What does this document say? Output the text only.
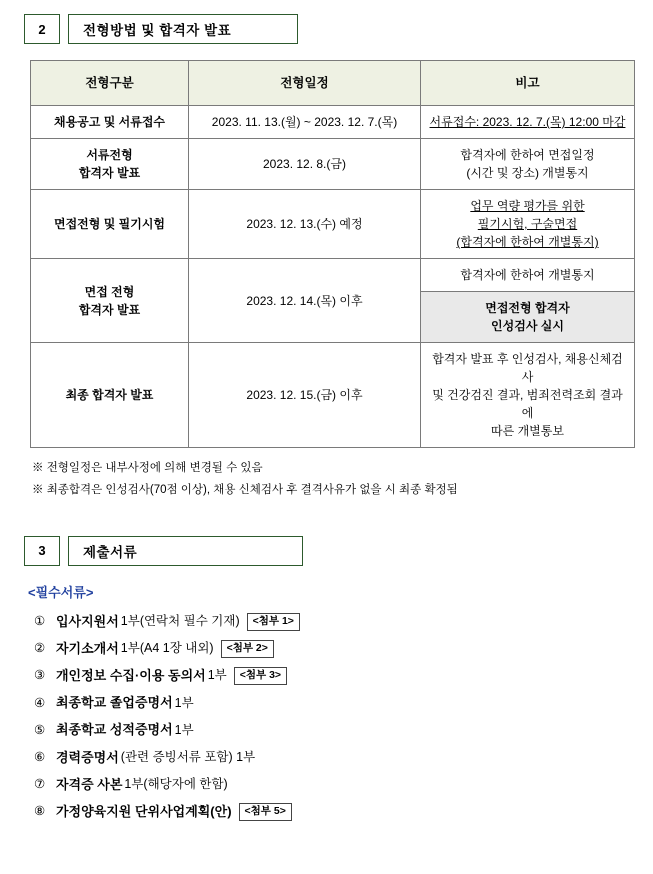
2	전형방법 및 합격자 발표
전형구분	전형일정	비고
채용공고 및 서류접수	2023. 11. 13.(월) ~ 2023. 12. 7.(목)	서류접수: 2023. 12. 7.(목) 12:00 마감

서류전형
합격자 발표	2023. 12. 8.(금)	합격자에 한하여 면접일정
(시간 및 장소) 개별통지

면접전형 및 필기시험	2023. 12. 13.(수) 예정	업무 역량 평가를 위한
필기시험, 구술면접
(합격자에 한하여 개별통지)

면접 전형
합격자 발표	2023. 12. 14.(목) 이후	합격자에 한하여 개별통지

		면접전형 합격자
인성검사 실시

최종 합격자 발표	2023. 12. 15.(금) 이후	합격자 발표 후 인성검사, 채용신체검사
및 건강검진 결과, 범죄전력조회 결과에
따른 개별통보
※ 전형일정은 내부사정에 의해 변경될 수 있음
※ 최종합격은 인성검사(70점 이상), 채용 신체검사 후 결격사유가 없을 시 최종 확정됨
3	제출서류
<필수서류>
① 입사지원서 1부(연락처 필수 기재)	<첨부 1>
② 자기소개서 1부(A4 1장 내외)	<첨부 2>
③ 개인정보 수집·이용 동의서 1부	<첨부 3>
④ 최종학교 졸업증명서 1부
⑤ 최종학교 성적증명서 1부
⑥ 경력증명서 (관련 증빙서류 포함) 1부
⑦ 자격증 사본 1부(해당자에 한함)
⑧ 가정양육지원 단위사업계획(안)	<첨부 5>
